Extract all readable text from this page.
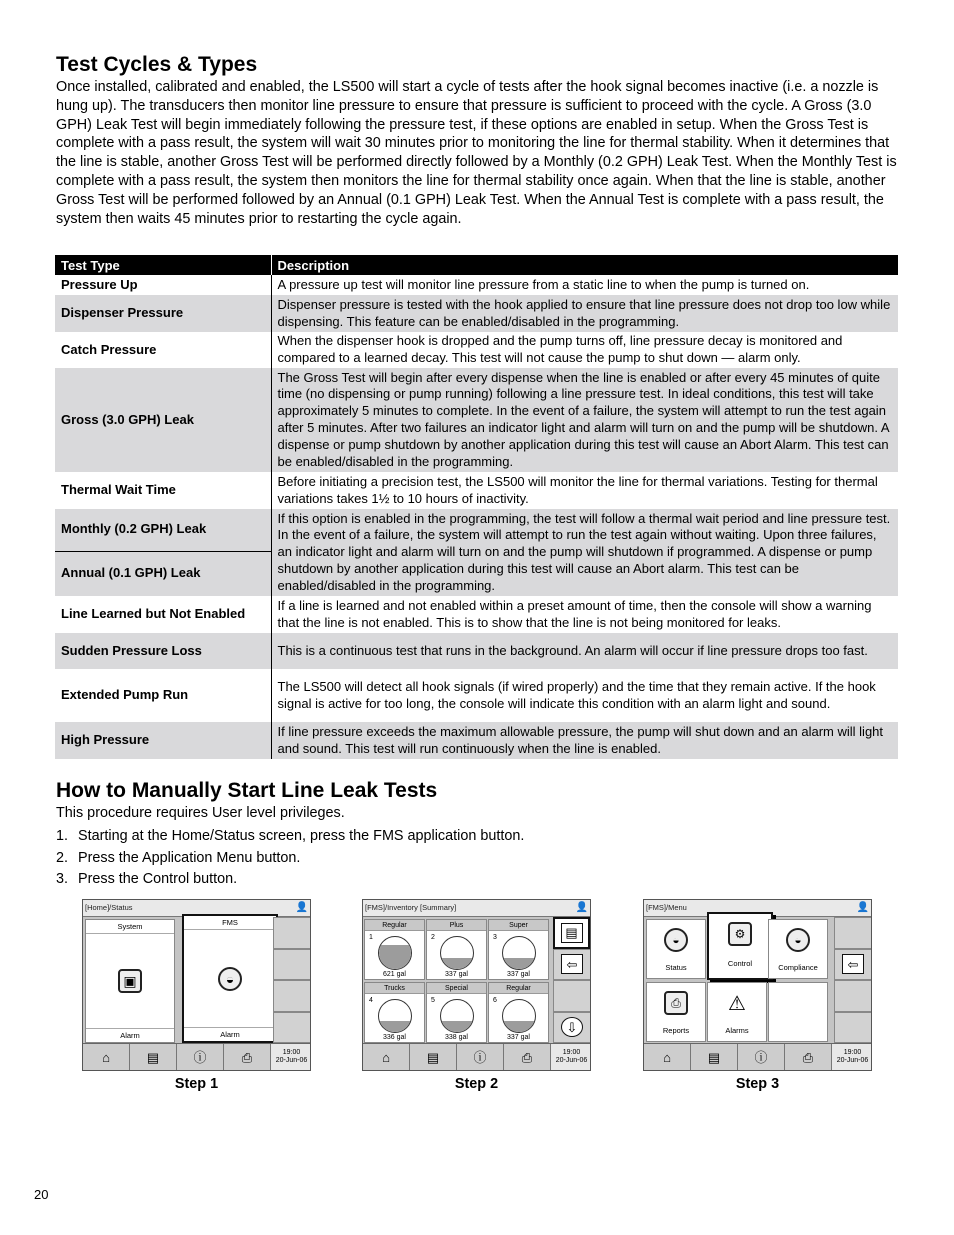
Test Cycles & Types

Once installed, calibrated and enabled, the LS500 will start a cycle of tests after the hook signal becomes inactive (i.e. a nozzle is hung up). The transducers then monitor line pressure to ensure that pressure is sufficient to proceed with the cycle. A Gross (3.0 GPH) Leak Test will begin immediately following the pressure test, if these options are enabled in setup. When the Gross Test is complete with a pass result, the system will wait 30 minutes prior to monitoring the line for thermal stability. When it determines that the line is stable, another Gross Test will be performed directly followed by a Monthly (0.2 GPH) Leak Test. When the Monthly Test is complete with a pass result, the system then monitors the line for thermal stability once again. When that the line is stable, another Gross Test will be performed followed by an Annual (0.1 GPH) Leak Test. When the Annual Test is complete with a pass result, the system then waits 45 minutes prior to restarting the cycle again.

Test Type	Description
Pressure Up	A pressure up test will monitor line pressure from a static line to when the pump is turned on.
Dispenser Pressure	Dispenser pressure is tested with the hook applied to ensure that line pressure does not drop too low while dispensing. This feature can be enabled/disabled in the programming.
Catch Pressure	When the dispenser hook is dropped and the pump turns off, line pressure decay is monitored and compared to a learned decay. This test will not cause the pump to shut down — alarm only.
Gross (3.0 GPH) Leak	The Gross Test will begin after every dispense when the line is enabled or after every 45 minutes of quite time (no dispensing or pump running) following a line pressure test. In ideal conditions, this test will take approximately 5 minutes to complete. In the event of a failure, the system will attempt to run the test again after 5 minutes. After two failures an indicator light and alarm will turn on and the pump will be shutdown. A dispense or pump shutdown by another application during this test will cause an Abort Alarm. This test can be enabled/disabled in the programming.
Thermal Wait Time	Before initiating a precision test, the LS500 will monitor the line for thermal variations. Testing for thermal variations takes 1½ to 10 hours of inactivity.
Monthly (0.2 GPH) Leak	If this option is enabled in the programming, the test will follow a thermal wait period and line pressure test. In the event of a failure, the system will attempt to run the test again without waiting. Upon three failures, an indicator light and alarm will turn on and the pump will shutdown if programmed. A dispense or pump shutdown by another application during this test will cause an Abort alarm. This test can be enabled/disabled in the programming.
Annual (0.1 GPH) Leak	
Line Learned but Not Enabled	If a line is learned and not enabled within a preset amount of time, then the console will show a warning that the line is not enabled. This is to show that the line is not being monitored for leaks.
Sudden Pressure Loss	This is a continuous test that runs in the background. An alarm will occur if line pressure drops too fast.
Extended Pump Run	The LS500 will detect all hook signals (if wired properly) and the time that they remain active. If the hook signal is active for too long, the console will indicate this condition with an alarm light and sound.
High Pressure	If line pressure exceeds the maximum allowable pressure, the pump will shut down and an alarm will light and sound. This test will run continuously when the line is enabled.
How to Manually Start Line Leak Tests
This procedure requires User level privileges.
1. Starting at the Home/Status screen, press the FMS application button.
2. Press the Application Menu button.
3. Press the Control button.
[Home]/Status	👤
System
▣
Alarm
FMS
◒
Alarm
⌂	▤	ⓘ	⎙	19:00
20-Jun-06
[FMS]/Inventory [Summary]	👤
Regular
1
621 gal
Plus
2
337 gal
Super
3
337 gal
Trucks
4
336 gal
Special
5
338 gal
Regular
6
337 gal
▤
⇦
⇩
⌂	▤	ⓘ	⎙	19:00
20-Jun-06
[FMS]/Menu	👤
◒
Status
⚙
Control
◒
Compliance
⎙
Reports
⚠
Alarms
⇦
⌂	▤	ⓘ	⎙	19:00
20-Jun-06
Step 1	Step 2	Step 3
20
